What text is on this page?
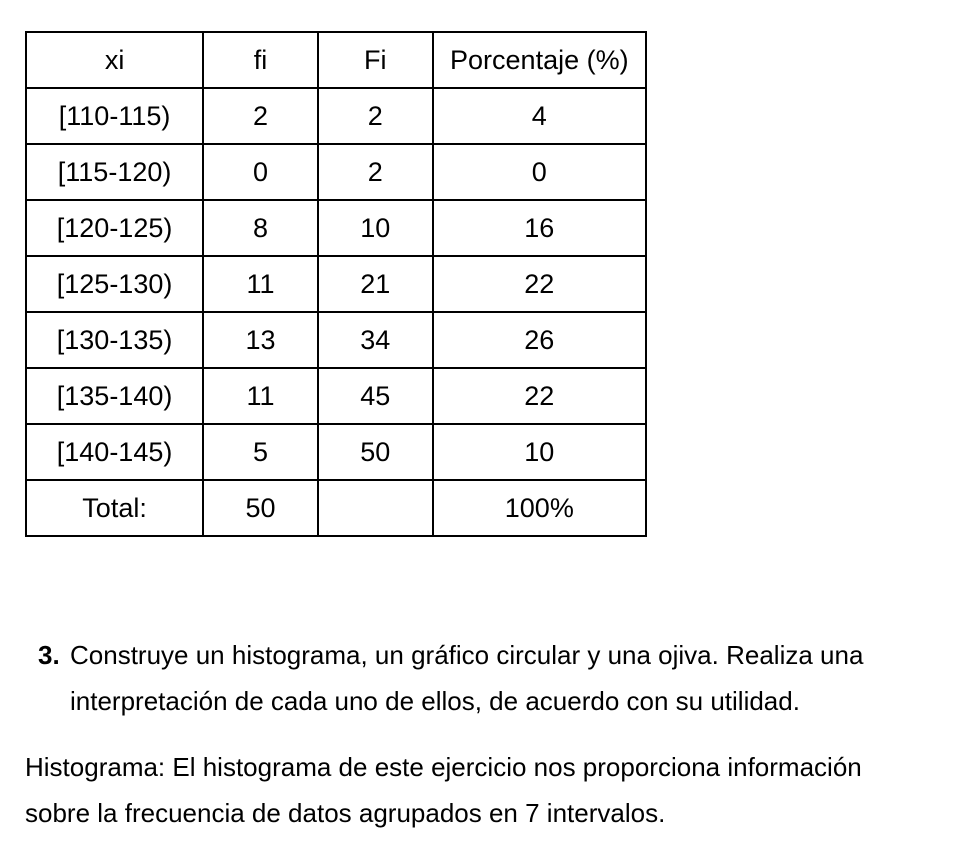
xi	fi	Fi	Porcentaje (%)
[110-115)	2	2	4
[115-120)	0	2	0
[120-125)	8	10	16
[125-130)	11	21	22
[130-135)	13	34	26
[135-140)	11	45	22
[140-145)	5	50	10
Total:	50		100%
3. Construye un histograma, un gráfico circular y una ojiva. Realiza una
interpretación de cada uno de ellos, de acuerdo con su utilidad.
Histograma: El histograma de este ejercicio nos proporciona información
sobre la frecuencia de datos agrupados en 7 intervalos.
